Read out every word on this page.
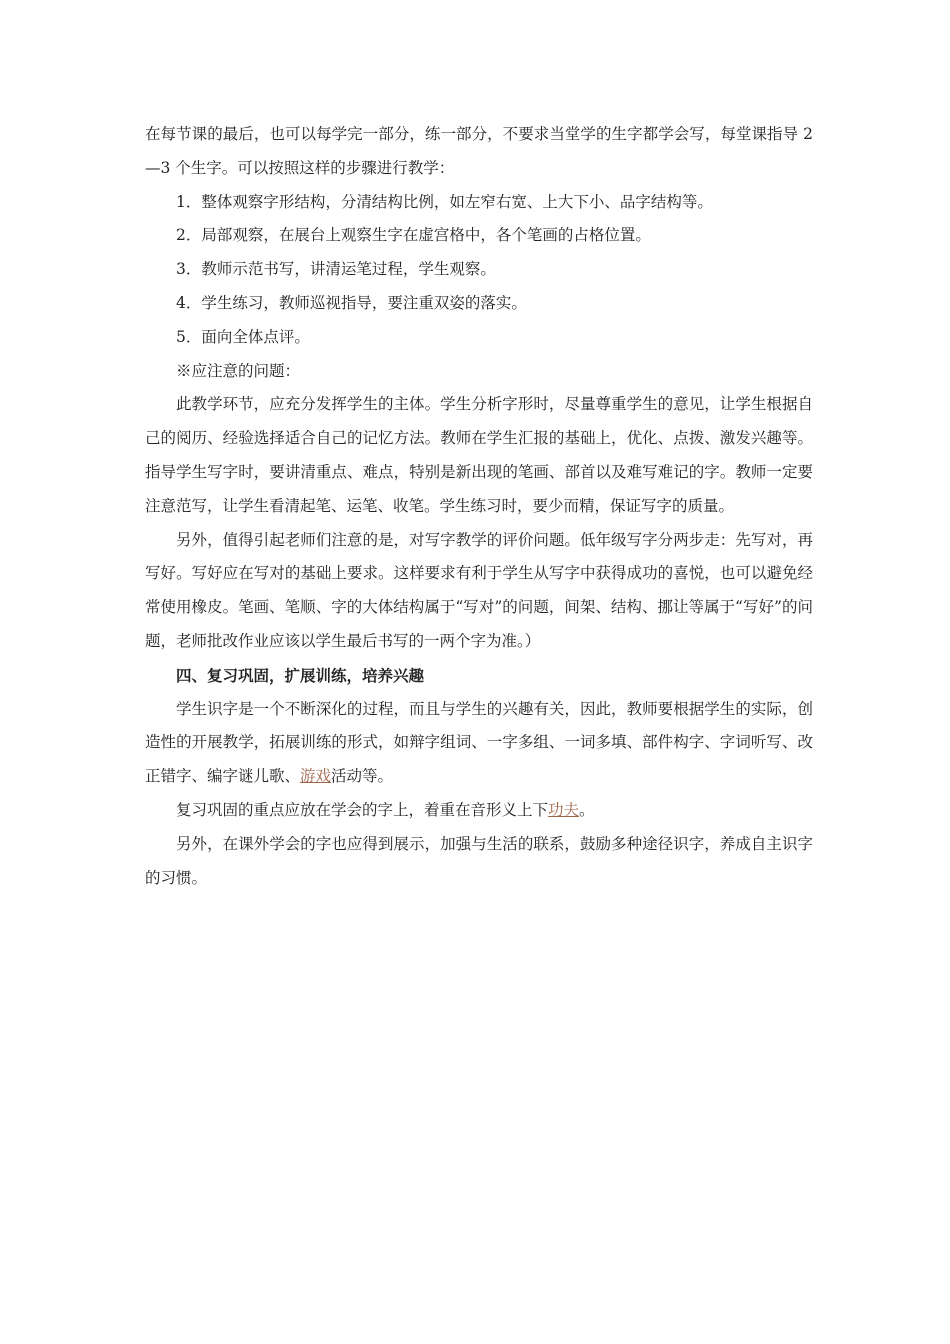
在每节课的最后，也可以每学完一部分，练一部分，不要求当堂学的生字都学会写，每堂课指导 2—3 个生字。可以按照这样的步骤进行教学：

1．整体观察字形结构，分清结构比例，如左窄右宽、上大下小、品字结构等。

2．局部观察，在展台上观察生字在虚宫格中，各个笔画的占格位置。

3．教师示范书写，讲清运笔过程，学生观察。

4．学生练习，教师巡视指导，要注重双姿的落实。

5．面向全体点评。

※应注意的问题：

此教学环节，应充分发挥学生的主体。学生分析字形时，尽量尊重学生的意见，让学生根据自己的阅历、经验选择适合自己的记忆方法。教师在学生汇报的基础上，优化、点拨、激发兴趣等。指导学生写字时，要讲清重点、难点，特别是新出现的笔画、部首以及难写难记的字。教师一定要注意范写，让学生看清起笔、运笔、收笔。学生练习时，要少而精，保证写字的质量。

另外，值得引起老师们注意的是，对写字教学的评价问题。低年级写字分两步走：先写对，再写好。写好应在写对的基础上要求。这样要求有利于学生从写字中获得成功的喜悦，也可以避免经常使用橡皮。笔画、笔顺、字的大体结构属于“写对”的问题，间架、结构、挪让等属于“写好”的问题，老师批改作业应该以学生最后书写的一两个字为准。）

四、复习巩固，扩展训练，培养兴趣

学生识字是一个不断深化的过程，而且与学生的兴趣有关，因此，教师要根据学生的实际，创造性的开展教学，拓展训练的形式，如辩字组词、一字多组、一词多填、部件构字、字词听写、改正错字、编字谜儿歌、游戏活动等。

复习巩固的重点应放在学会的字上，着重在音形义上下功夫。

另外，在课外学会的字也应得到展示，加强与生活的联系，鼓励多种途径识字，养成自主识字的习惯。
